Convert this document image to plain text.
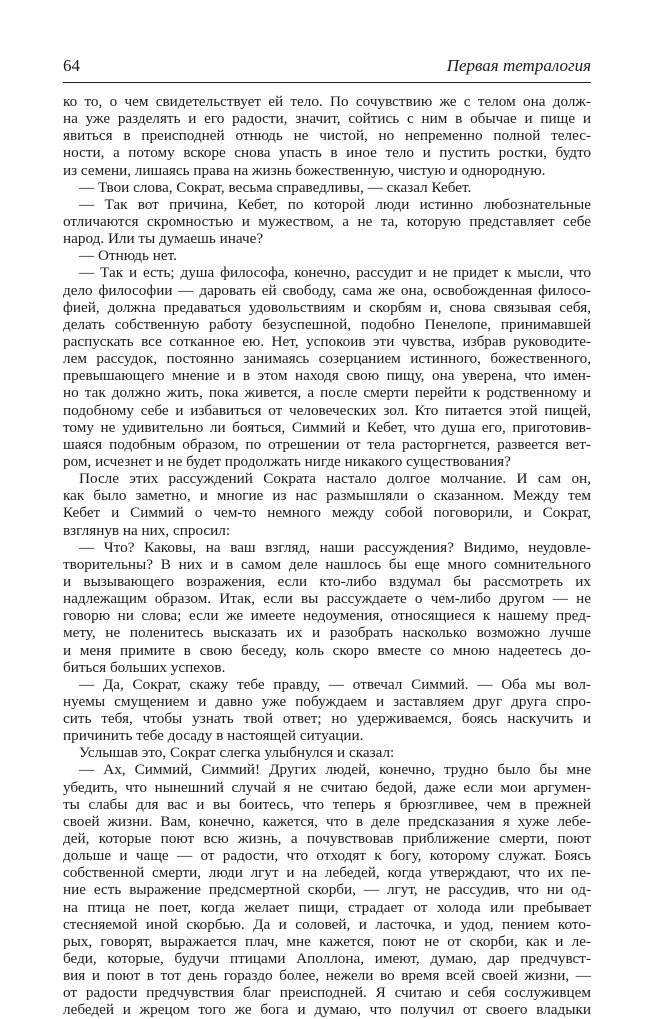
64	Первая тетралогия
ко то, о чем свидетельствует ей тело. По сочувствию же с телом она долж-
на уже разделять и его радости, значит, сойтись с ним в обычае и пище и
явиться в преисподней отнюдь не чистой, но непременно полной телес-
ности, а потому вскоре снова упасть в иное тело и пустить ростки, будто
из семени, лишаясь права на жизнь божественную, чистую и однородную.
— Твои слова, Сократ, весьма справедливы, — сказал Кебет.
— Так вот причина, Кебет, по которой люди истинно любознательные
отличаются скромностью и мужеством, а не та, которую представляет себе
народ. Или ты думаешь иначе?
— Отнюдь нет.
— Так и есть; душа философа, конечно, рассудит и не придет к мысли, что
дело философии — даровать ей свободу, сама же она, освобожденная филосо-
фией, должна предаваться удовольствиям и скорбям и, снова связывая себя,
делать собственную работу безуспешной, подобно Пенелопе, принимавшей
распускать все сотканное ею. Нет, успокоив эти чувства, избрав руководите-
лем рассудок, постоянно занимаясь созерцанием истинного, божественного,
превышающего мнение и в этом находя свою пищу, она уверена, что имен-
но так должно жить, пока живется, а после смерти перейти к родственному и
подобному себе и избавиться от человеческих зол. Кто питается этой пищей,
тому не удивительно ли бояться, Симмий и Кебет, что душа его, приготовив-
шаяся подобным образом, по отрешении от тела расторгнется, развеется вет-
ром, исчезнет и не будет продолжать нигде никакого существования?
После этих рассуждений Сократа настало долгое молчание. И сам он,
как было заметно, и многие из нас размышляли о сказанном. Между тем
Кебет и Симмий о чем-то немного между собой поговорили, и Сократ,
взглянув на них, спросил:
— Что? Каковы, на ваш взгляд, наши рассуждения? Видимо, неудовле-
творительны? В них и в самом деле нашлось бы еще много сомнительного
и вызывающего возражения, если кто-либо вздумал бы рассмотреть их
надлежащим образом. Итак, если вы рассуждаете о чем-либо другом — не
говорю ни слова; если же имеете недоумения, относящиеся к нашему пред-
мету, не поленитесь высказать их и разобрать насколько возможно лучше
и меня примите в свою беседу, коль скоро вместе со мною надеетесь до-
биться больших успехов.
— Да, Сократ, скажу тебе правду, — отвечал Симмий. — Оба мы вол-
нуемы смущением и давно уже побуждаем и заставляем друг друга спро-
сить тебя, чтобы узнать твой ответ; но удерживаемся, боясь наскучить и
причинить тебе досаду в настоящей ситуации.
Услышав это, Сократ слегка улыбнулся и сказал:
— Ах, Симмий, Симмий! Других людей, конечно, трудно было бы мне
убедить, что нынешний случай я не считаю бедой, даже если мои аргумен-
ты слабы для вас и вы боитесь, что теперь я брюзгливее, чем в прежней
своей жизни. Вам, конечно, кажется, что в деле предсказания я хуже лебе-
дей, которые поют всю жизнь, а почувствовав приближение смерти, поют
дольше и чаще — от радости, что отходят к богу, которому служат. Боясь
собственной смерти, люди лгут и на лебедей, когда утверждают, что их пе-
ние есть выражение предсмертной скорби, — лгут, не рассудив, что ни од-
на птица не поет, когда желает пищи, страдает от холода или пребывает
стесняемой иной скорбью. Да и соловей, и ласточка, и удод, пением кото-
рых, говорят, выражается плач, мне кажется, поют не от скорби, как и ле-
беди, которые, будучи птицами Аполлона, имеют, думаю, дар предчувст-
вия и поют в тот день гораздо более, нежели во время всей своей жизни, —
от радости предчувствия благ преисподней. Я считаю и себя сослуживцем
лебедей и жрецом того же бога и думаю, что получил от своего владыки
